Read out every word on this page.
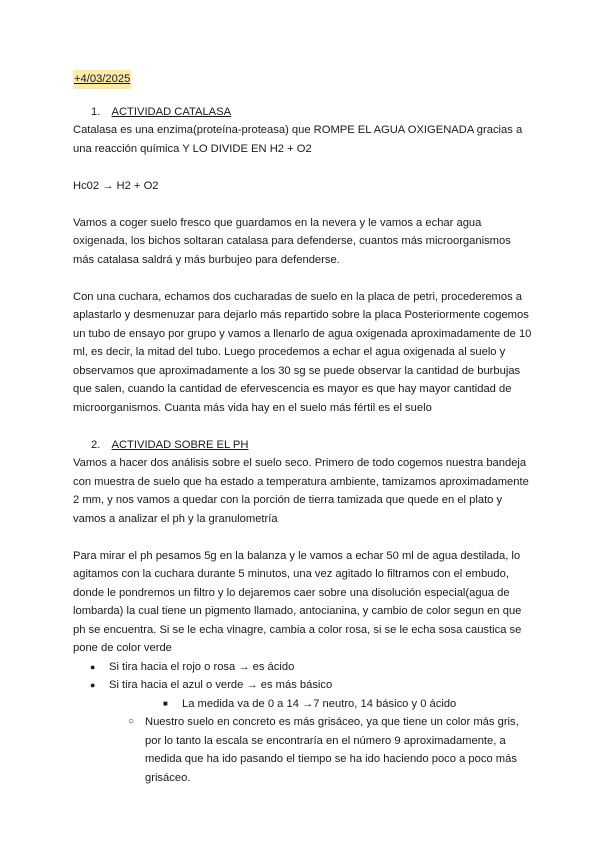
+4/03/2025
1. ACTIVIDAD CATALASA

Catalasa es una enzima(proteína-proteasa) que ROMPE EL AGUA OXIGENADA gracias a una reacción química Y LO DIVIDE EN H2 + O2

Hc02 → H2 + O2

Vamos a coger suelo fresco que guardamos en la nevera y le vamos a echar agua oxigenada, los bichos soltaran catalasa para defenderse, cuantos más microorganismos más catalasa saldrá y más burbujeo para defenderse.

Con una cuchara, echamos dos cucharadas de suelo en la placa de petri, procederemos a aplastarlo y desmenuzar para dejarlo más repartido sobre la placa Posteriormente cogemos un tubo de ensayo por grupo y vamos a llenarlo de agua oxigenada aproximadamente de 10 ml, es decir, la mitad del tubo. Luego procedemos a echar el agua oxigenada al suelo y observamos que aproximadamente a los 30 sg se puede observar la cantidad de burbujas que salen, cuando la cantidad de efervescencia es mayor es que hay mayor cantidad de microorganismos. Cuanta más vida hay en el suelo más fértil es el suelo

2. ACTIVIDAD SOBRE EL PH

Vamos a hacer dos análisis sobre el suelo seco. Primero de todo cogemos nuestra bandeja con muestra de suelo que ha estado a temperatura ambiente, tamizamos aproximadamente 2 mm, y nos vamos a quedar con la porción de tierra tamizada que quede en el plato y vamos a analizar el ph y la granulometría

Para mirar el ph pesamos 5g en la balanza y le vamos a echar 50 ml de agua destilada, lo agitamos con la cuchara durante 5 minutos, una vez agitado lo filtramos con el embudo, donde le pondremos un filtro y lo dejaremos caer sobre una disolución especial(agua de lombarda) la cual tiene un pigmento llamado, antocianina, y cambio de color segun en que ph se encuentra. Si se le echa vinagre, cambia a color rosa, si se le echa sosa caustica se pone de color verde

● Si tira hacia el rojo o rosa → es ácido
● Si tira hacia el azul o verde → es más básico
■ La medida va de 0 a 14 →7 neutro, 14 básico y 0 ácido
○ Nuestro suelo en concreto es más grisáceo, ya que tiene un color más gris, por lo tanto la escala se encontraría en el número 9 aproximadamente, a medida que ha ido pasando el tiempo se ha ido haciendo poco a poco más grisáceo.
